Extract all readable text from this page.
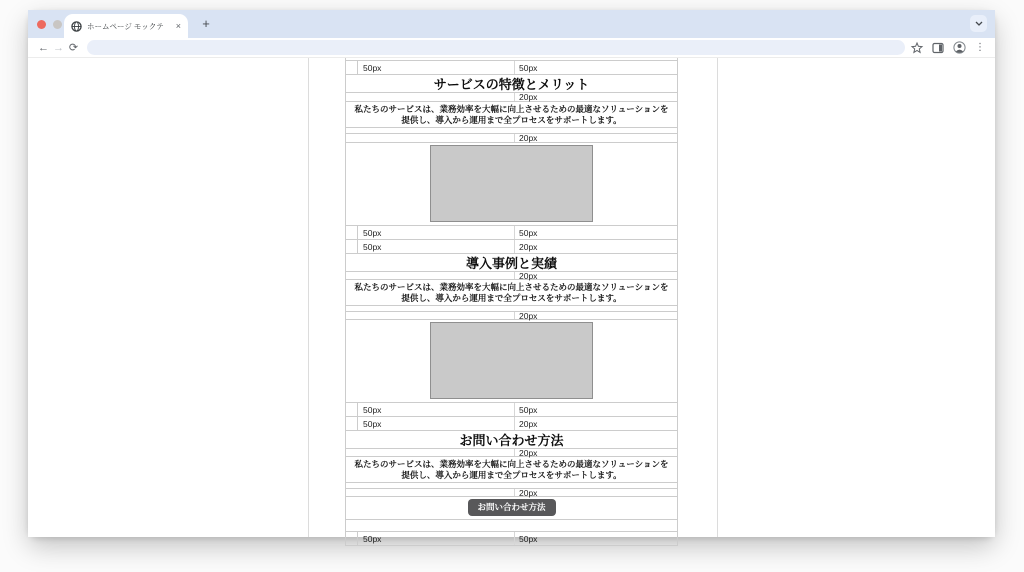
ホームページ モックテ	×	+
← → ⟳	⋮
50px	50px
サービスの特徴とメリット
20px
私たちのサービスは、業務効率を大幅に向上させるための最適なソリューションを提供し、導入から運用まで全プロセスをサポートします。
20px
50px	50px
50px	20px
導入事例と実績
20px
私たちのサービスは、業務効率を大幅に向上させるための最適なソリューションを提供し、導入から運用まで全プロセスをサポートします。
20px
50px	50px
50px	20px
お問い合わせ方法
20px
私たちのサービスは、業務効率を大幅に向上させるための最適なソリューションを提供し、導入から運用まで全プロセスをサポートします。
20px
お問い合わせ方法
50px	50px
